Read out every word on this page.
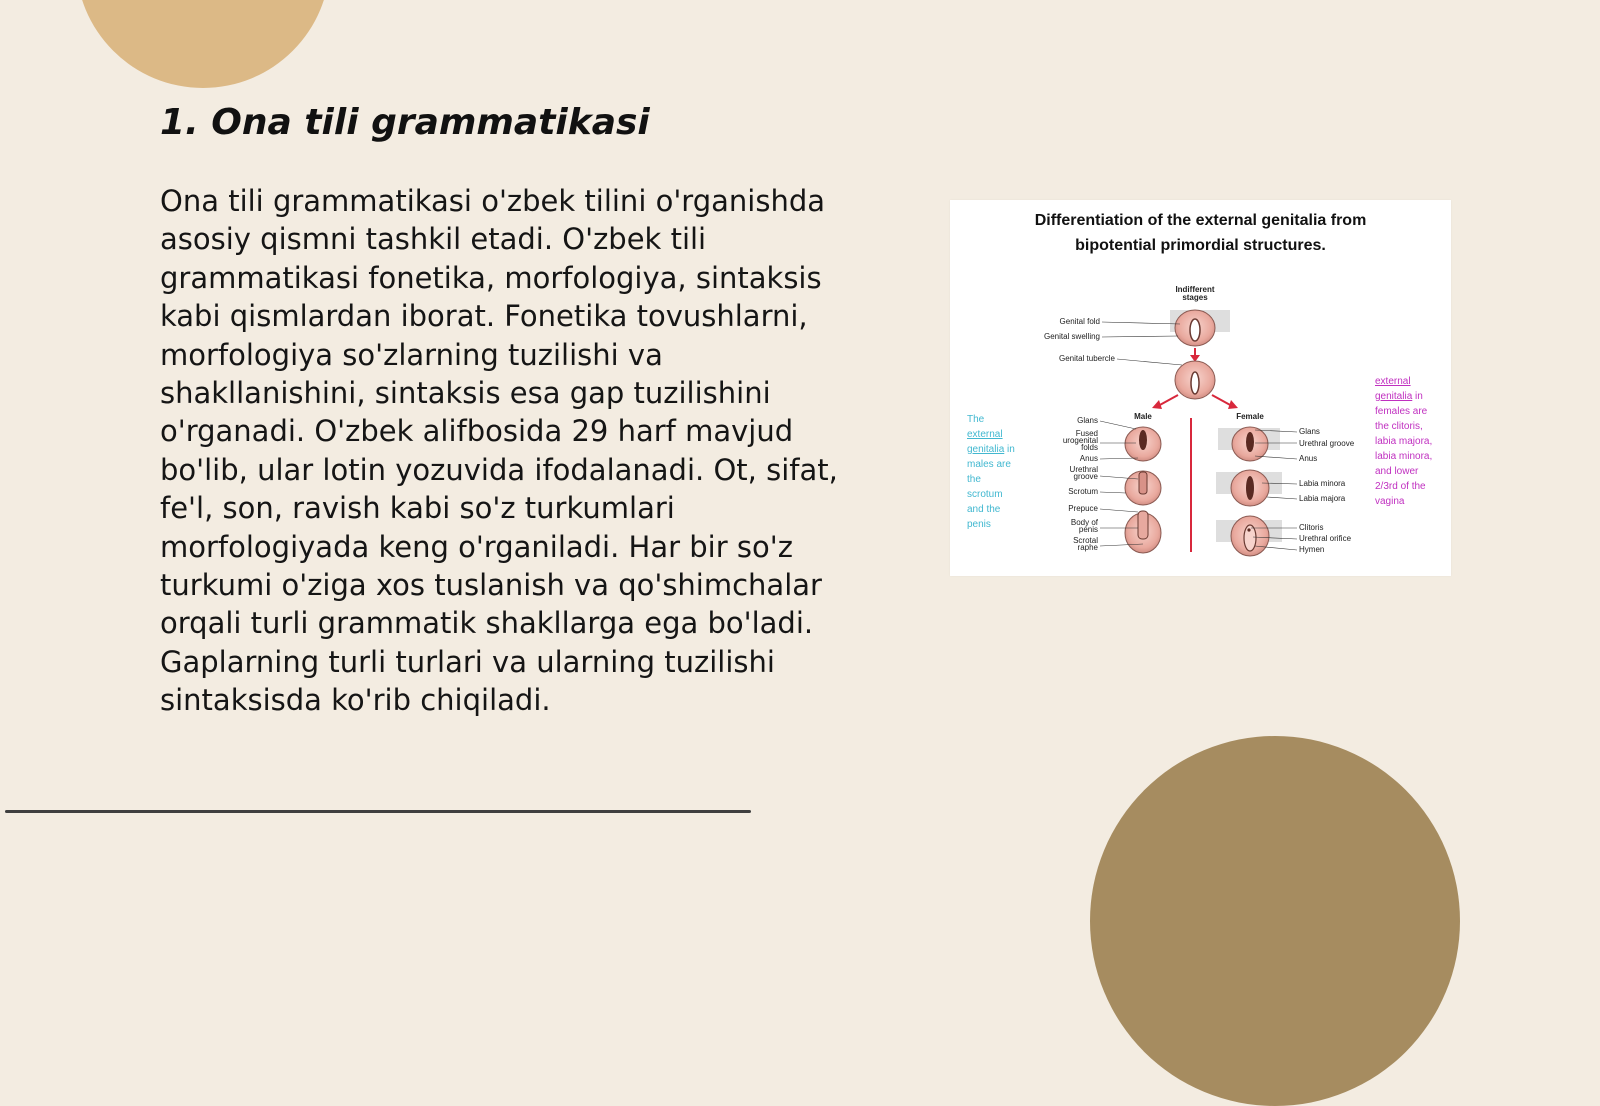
1. Ona tili grammatikasi

Ona tili grammatikasi o'zbek tilini o'rganishda asosiy qismni tashkil etadi. O'zbek tili grammatikasi fonetika, morfologiya, sintaksis kabi qismlardan iborat. Fonetika tovushlarni, morfologiya so'zlarning tuzilishi va shakllanishini, sintaksis esa gap tuzilishini o'rganadi. O'zbek alifbosida 29 harf mavjud bo'lib, ular lotin yozuvida ifodalanadi. Ot, sifat, fe'l, son, ravish kabi so'z turkumlari morfologiyada keng o'rganiladi. Har bir so'z turkumi o'ziga xos tuslanish va qo'shimchalar orqali turli grammatik shakllarga ega bo'ladi. Gaplarning turli turlari va ularning tuzilishi sintaksisda ko'rib chiqiladi.

Indifferent
stages
Genital fold
Genital swelling
Genital tubercle
Male	Female
Glans
Fused
urogenital
folds
Anus
Urethral
groove
Scrotum
Prepuce
Body of
penis
Scrotal
raphe
Glans
Urethral groove
Anus
Labia minora
Labia majora
Clitoris
Urethral orifice
Hymen
Differentiation of the external genitalia from
bipotential primordial structures.
The external genitalia in males are the scrotum and the penis
external genitalia in females are the clitoris, labia majora, labia minora, and lower 2/3rd of the vagina
